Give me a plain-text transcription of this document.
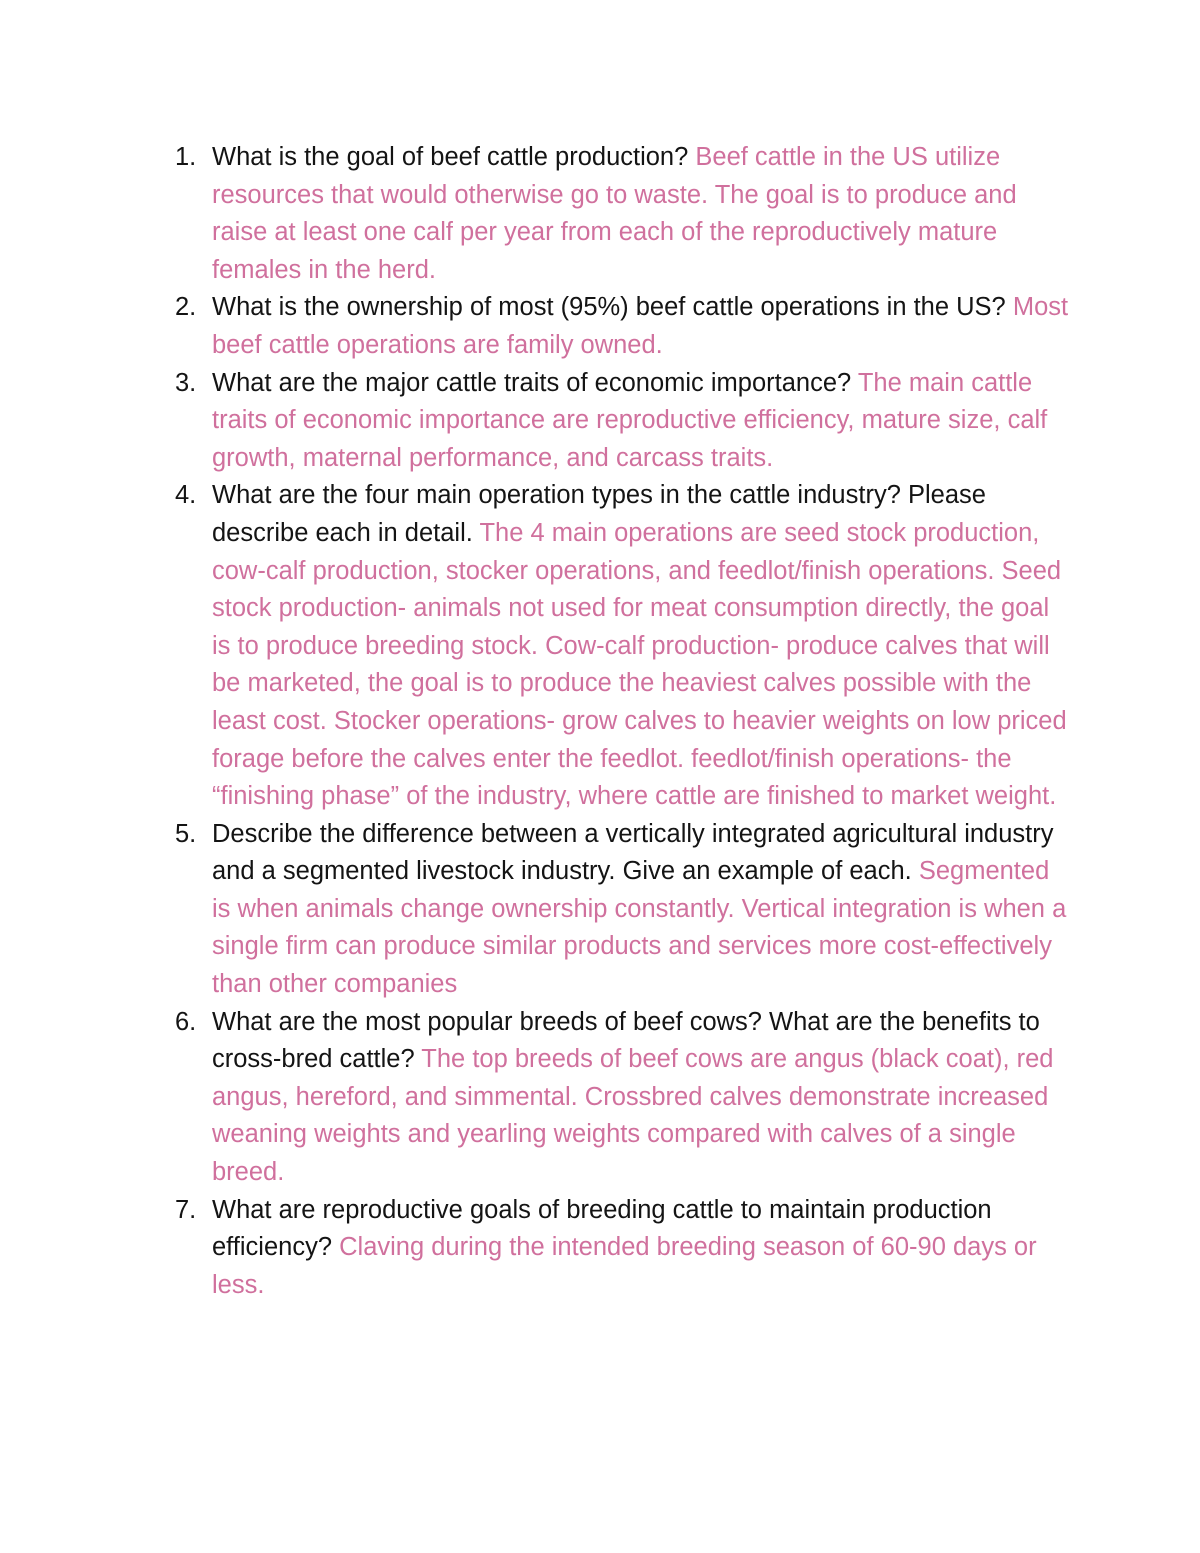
1. What is the goal of beef cattle production? Beef cattle in the US utilize resources that would otherwise go to waste. The goal is to produce and raise at least one calf per year from each of the reproductively mature females in the herd.
2. What is the ownership of most (95%) beef cattle operations in the US? Most beef cattle operations are family owned.
3. What are the major cattle traits of economic importance? The main cattle traits of economic importance are reproductive efficiency, mature size, calf growth, maternal performance, and carcass traits.
4. What are the four main operation types in the cattle industry? Please describe each in detail. The 4 main operations are seed stock production, cow-calf production, stocker operations, and feedlot/finish operations. Seed stock production- animals not used for meat consumption directly, the goal is to produce breeding stock. Cow-calf production- produce calves that will be marketed, the goal is to produce the heaviest calves possible with the least cost. Stocker operations- grow calves to heavier weights on low priced forage before the calves enter the feedlot. feedlot/finish operations- the “finishing phase” of the industry, where cattle are finished to market weight.
5. Describe the difference between a vertically integrated agricultural industry and a segmented livestock industry. Give an example of each. Segmented is when animals change ownership constantly. Vertical integration is when a single firm can produce similar products and services more cost-effectively than other companies
6. What are the most popular breeds of beef cows? What are the benefits to cross-bred cattle? The top breeds of beef cows are angus (black coat), red angus, hereford, and simmental. Crossbred calves demonstrate increased weaning weights and yearling weights compared with calves of a single breed.
7. What are reproductive goals of breeding cattle to maintain production efficiency? Claving during the intended breeding season of 60-90 days or less.
